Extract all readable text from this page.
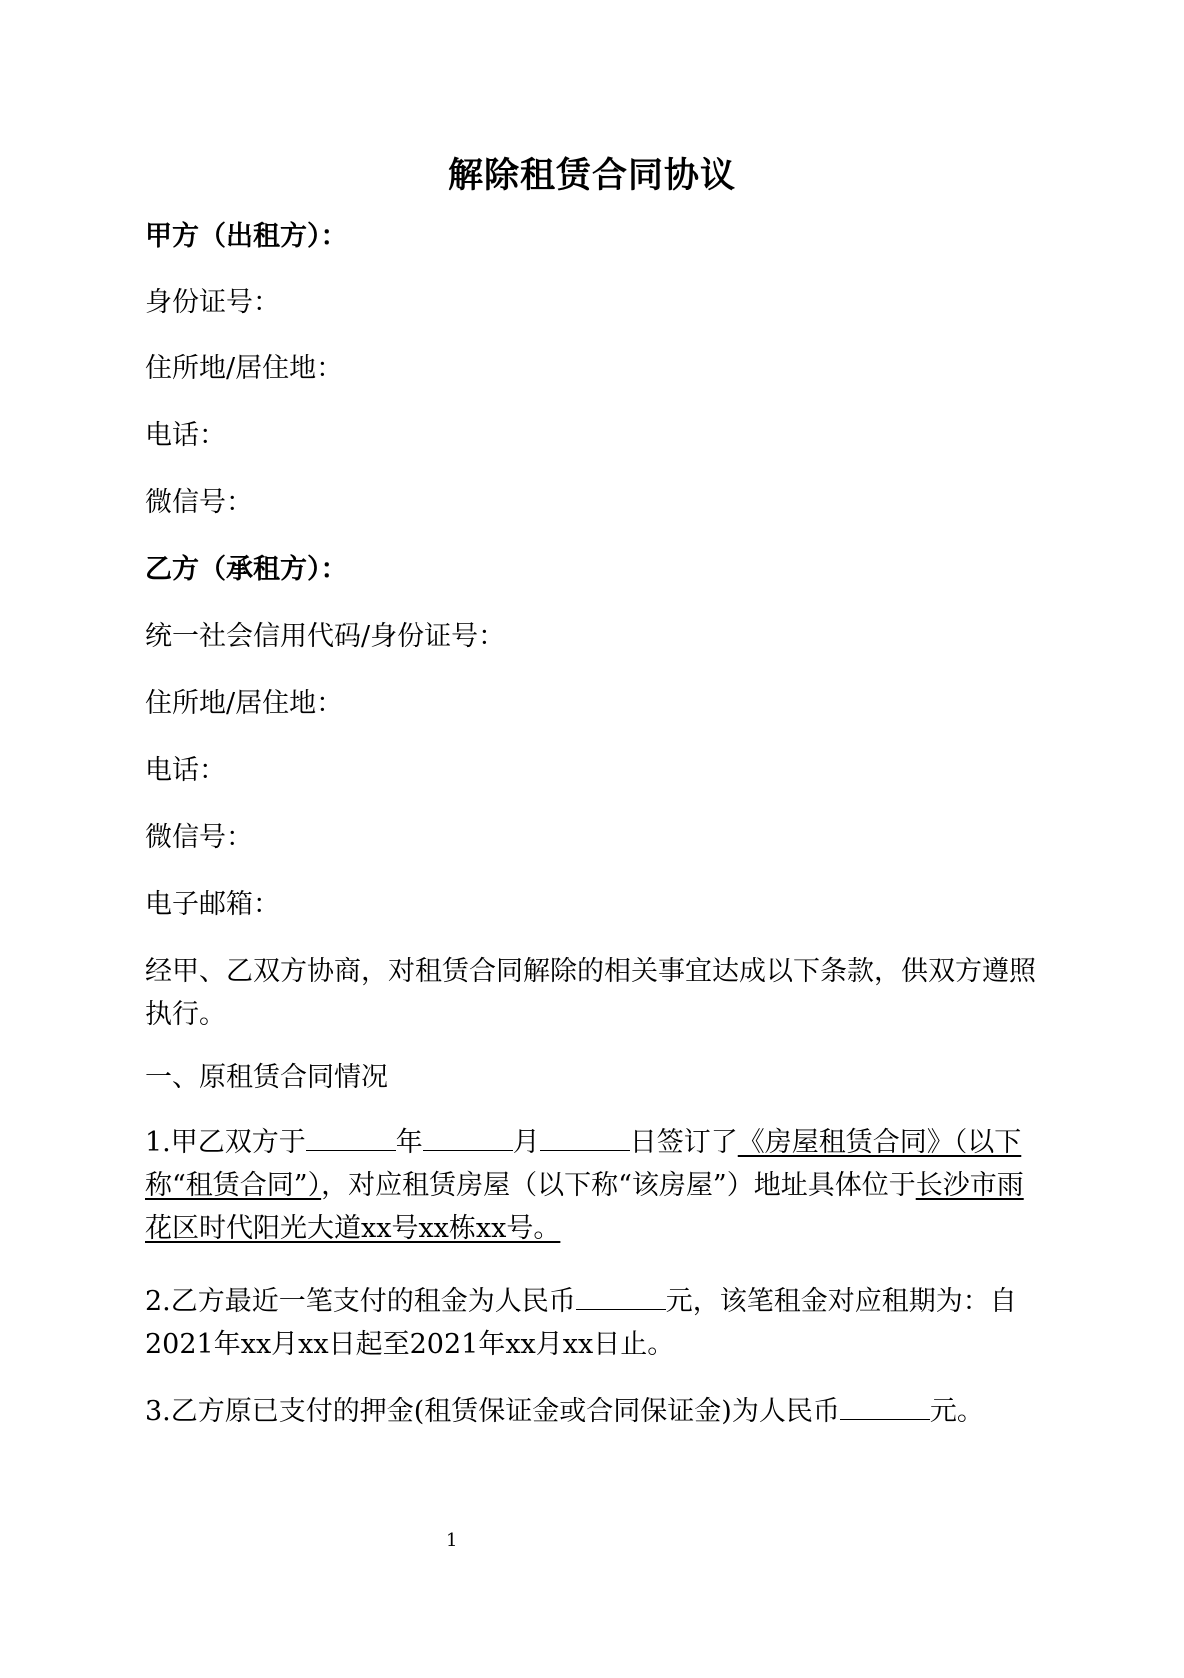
解除租赁合同协议
甲方（出租方）：
身份证号：
住所地/居住地：
电话：
微信号：
乙方（承租方）：
统一社会信用代码/身份证号：
住所地/居住地：
电话：
微信号：
电子邮箱：
经甲、乙双方协商，对租赁合同解除的相关事宜达成以下条款，供双方遵照执行。
一、原租赁合同情况
1.甲乙双方于	年	月	日签订了《房屋租赁合同》（以下称“租赁合同”），对应租赁房屋（以下称“该房屋”）地址具体位于长沙市雨花区时代阳光大道xx号xx栋xx号。
2.乙方最近一笔支付的租金为人民币	元，该笔租金对应租期为：自2021年xx月xx日起至2021年xx月xx日止。
3.乙方原已支付的押金(租赁保证金或合同保证金)为人民币	元。
1
